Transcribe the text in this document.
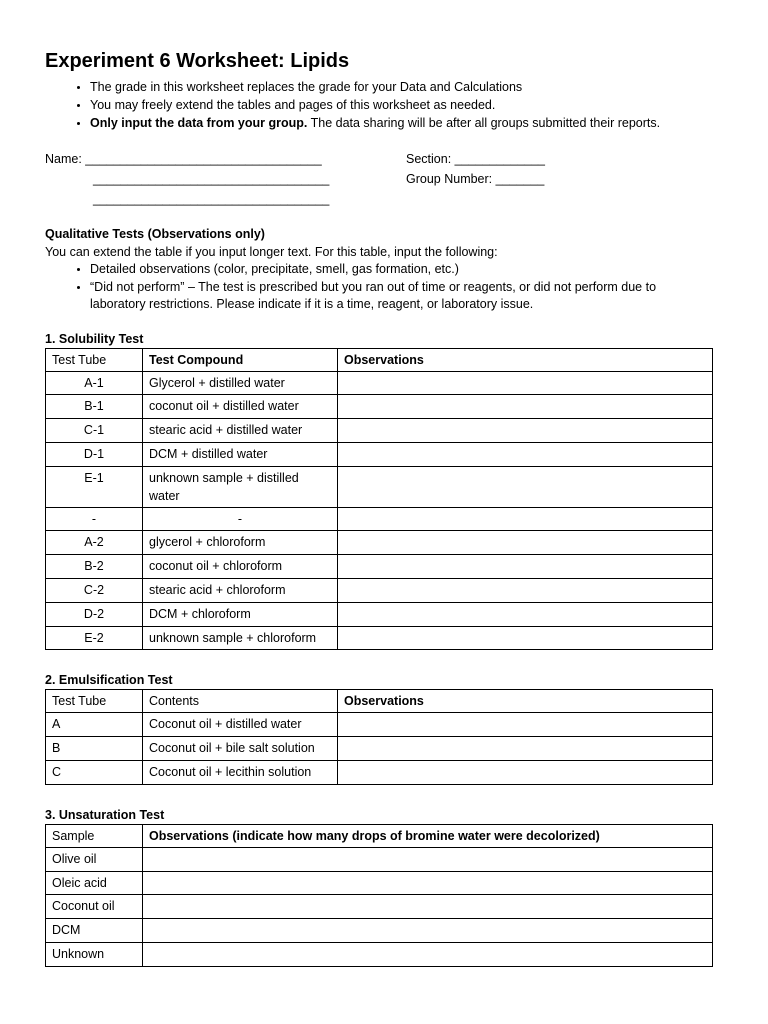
Experiment 6 Worksheet: Lipids
• The grade in this worksheet replaces the grade for your Data and Calculations
• You may freely extend the tables and pages of this worksheet as needed.
• Only input the data from your group. The data sharing will be after all groups submitted their reports.
Name: __________________________________
__________________________________
__________________________________
Section: _____________
Group Number: _______
Qualitative Tests (Observations only)

You can extend the table if you input longer text. For this table, input the following:

• Detailed observations (color, precipitate, smell, gas formation, etc.)
• “Did not perform” – The test is prescribed but you ran out of time or reagents, or did not perform due to laboratory restrictions. Please indicate if it is a time, reagent, or laboratory issue.
1. Solubility Test
Test Tube	Test Compound	Observations
A-1	Glycerol + distilled water	
B-1	coconut oil + distilled water	
C-1	stearic acid + distilled water	
D-1	DCM + distilled water	
E-1	unknown sample + distilled water	
-	-	
A-2	glycerol + chloroform	
B-2	coconut oil + chloroform	
C-2	stearic acid + chloroform	
D-2	DCM + chloroform	
E-2	unknown sample + chloroform	
2. Emulsification Test
Test Tube	Contents	Observations
A	Coconut oil + distilled water	
B	Coconut oil + bile salt solution	
C	Coconut oil + lecithin solution	
3. Unsaturation Test
Sample	Observations (indicate how many drops of bromine water were decolorized)
Olive oil	
Oleic acid	
Coconut oil	
DCM	
Unknown	
